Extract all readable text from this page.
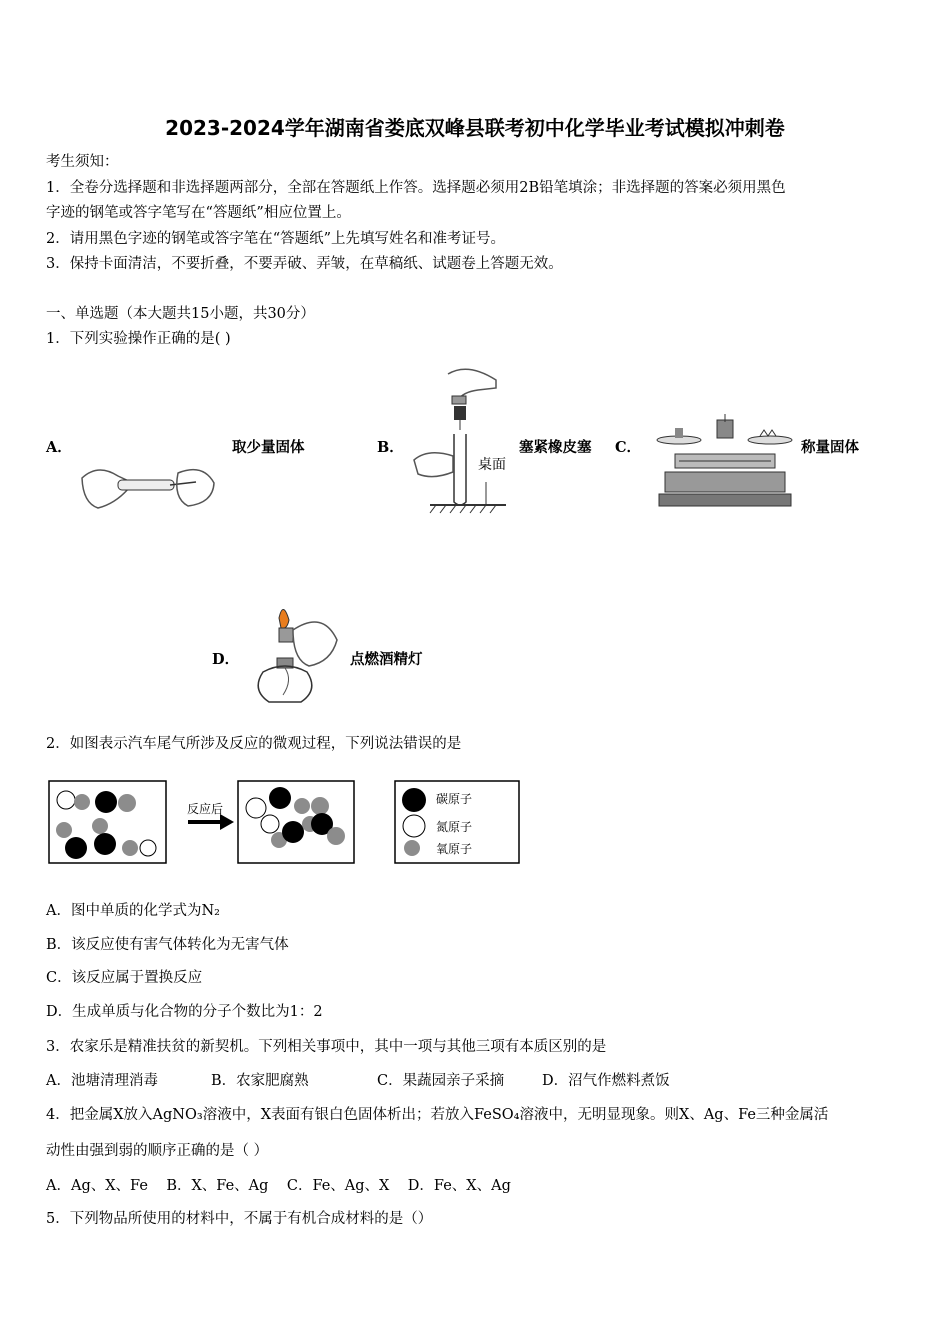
2023-2024学年湖南省娄底双峰县联考初中化学毕业考试模拟冲刺卷
考生须知：
1．全卷分选择题和非选择题两部分，全部在答题纸上作答。选择题必须用2B铅笔填涂；非选择题的答案必须用黑色
字迹的钢笔或答字笔写在“答题纸”相应位置上。
2．请用黑色字迹的钢笔或答字笔在“答题纸”上先填写姓名和准考证号。
3．保持卡面清洁，不要折叠，不要弄破、弄皱，在草稿纸、试题卷上答题无效。
一、单选题（本大题共15小题，共30分）
1．下列实验操作正确的是( )
A．	取少量固体	B．
桌面
塞紧橡皮塞 C．	称量固体
D．	点燃酒精灯
2．如图表示汽车尾气所涉及反应的微观过程，下列说法错误的是
反应后
碳原子
氮原子
氧原子
A．图中单质的化学式为N₂
B．该反应使有害气体转化为无害气体
C．该反应属于置换反应
D．生成单质与化合物的分子个数比为1：2
3．农家乐是精准扶贫的新契机。下列相关事项中，其中一项与其他三项有本质区别的是
A．池塘清理消毒	B．农家肥腐熟	C．果蔬园亲子采摘	D．沼气作燃料煮饭
4．把金属X放入AgNO₃溶液中，X表面有银白色固体析出；若放入FeSO₄溶液中，无明显现象。则X、Ag、Fe三种金属活
动性由强到弱的顺序正确的是（ ）
A．Ag、X、Fe    B．X、Fe、Ag    C．Fe、Ag、X    D．Fe、X、Ag
5．下列物品所使用的材料中，不属于有机合成材料的是（）
